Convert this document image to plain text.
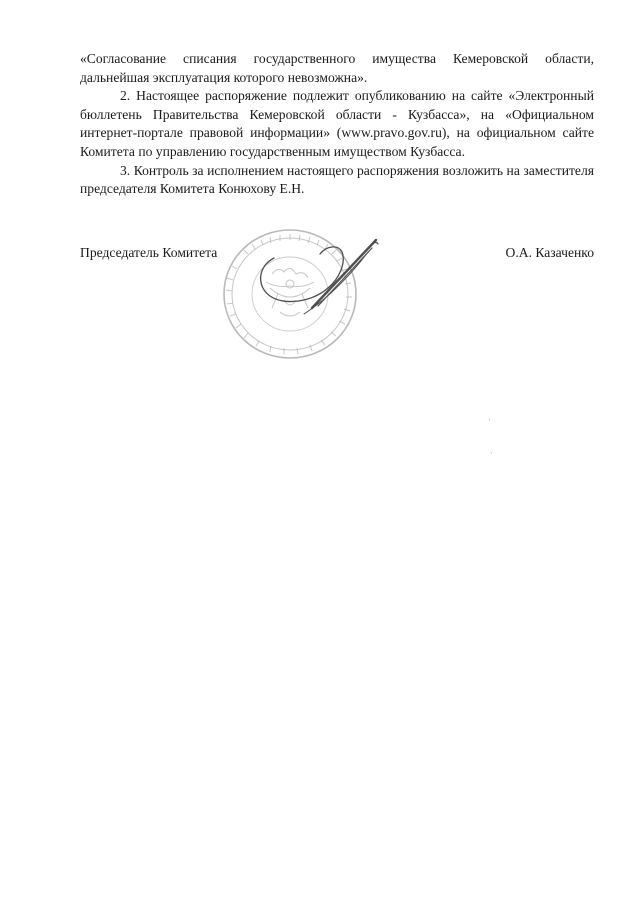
«Согласование списания государственного имущества Кемеровской области, дальнейшая эксплуатация которого невозможна».

2. Настоящее распоряжение подлежит опубликованию на сайте «Электронный бюллетень Правительства Кемеровской области - Кузбасса», на «Официальном интернет-портале правовой информации» (www.pravo.gov.ru), на официальном сайте Комитета по управлению государственным имуществом Кузбасса.

3. Контроль за исполнением настоящего распоряжения возложить на заместителя председателя Комитета Конюхову Е.Н.

Председатель Комитета	О.А. Казаченко
